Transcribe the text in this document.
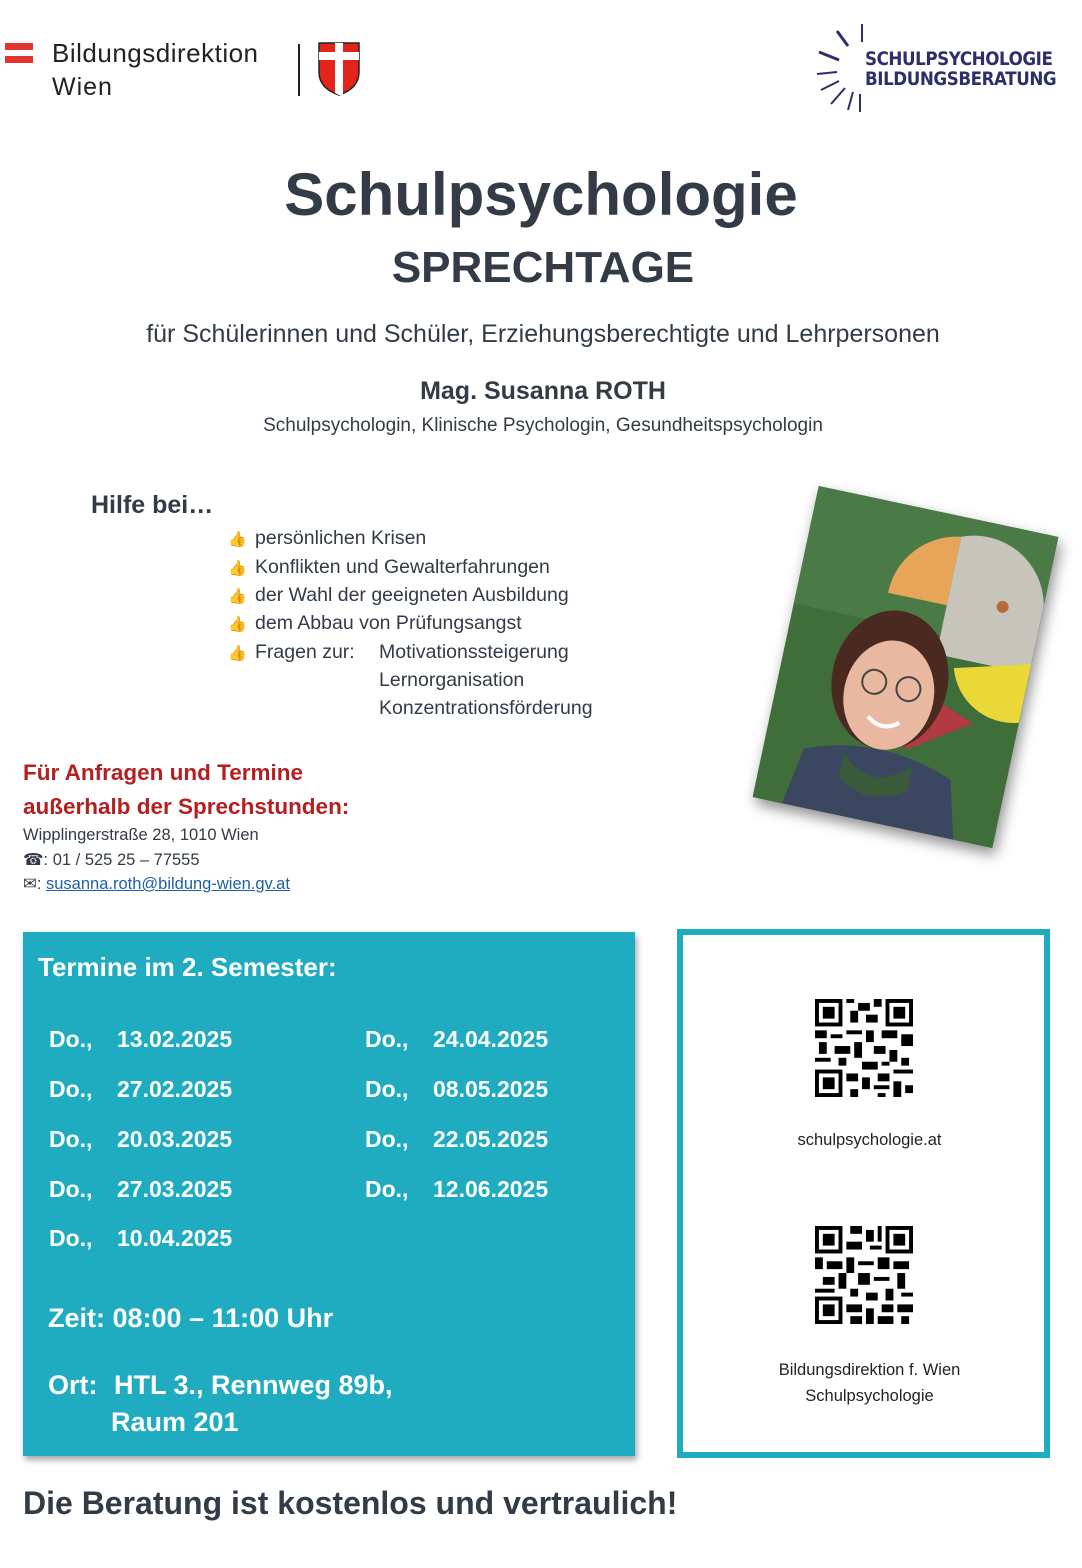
Bildungsdirektion
Wien
SCHULPSYCHOLOGIE
BILDUNGSBERATUNG
Schulpsychologie
SPRECHTAGE
für Schülerinnen und Schüler, Erziehungsberechtigte und Lehrpersonen
Mag. Susanna ROTH
Schulpsychologin, Klinische Psychologin, Gesundheitspsychologin
Hilfe bei…
👍 persönlichen Krisen
👍 Konflikten und Gewalterfahrungen
👍 der Wahl der geeigneten Ausbildung
👍 dem Abbau von Prüfungsangst
👍 Fragen zur: Motivationssteigerung
Lernorganisation
Konzentrationsförderung
Für Anfragen und Termine
außerhalb der Sprechstunden:
Wipplingerstraße 28, 1010 Wien
☎: 01 / 525 25 – 77555
✉: susanna.roth@bildung-wien.gv.at
Termine im 2. Semester:
Do., 13.02.2025
Do., 27.02.2025
Do., 20.03.2025
Do., 27.03.2025
Do., 10.04.2025
Do., 24.04.2025
Do., 08.05.2025
Do., 22.05.2025
Do., 12.06.2025
Zeit: 08:00 – 11:00 Uhr
Ort: HTL 3., Rennweg 89b,
Raum 201
schulpsychologie.at
Bildungsdirektion f. Wien
Schulpsychologie
Die Beratung ist kostenlos und vertraulich!
